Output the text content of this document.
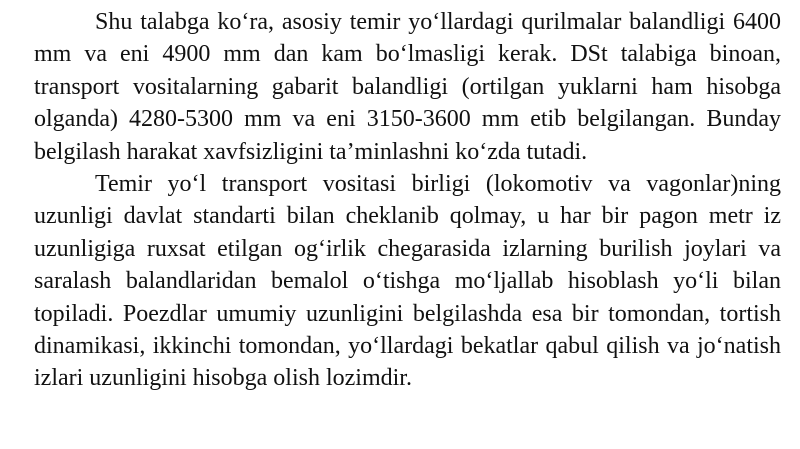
Shu talabga ko‘ra, asosiy temir yo‘llardagi qurilmalar balandligi 6400 mm va eni 4900 mm dan kam bo‘lmasligi kerak. DSt talabiga binoan, transport vositalarning gabarit balandligi (ortilgan yuklarni ham hisobga olganda) 4280-5300 mm va eni 3150-3600 mm etib belgilangan. Bunday belgilash harakat xavfsizligini ta’minlashni ko‘zda tutadi.

Temir yo‘l transport vositasi birligi (lokomotiv va vagonlar)ning uzunligi davlat standarti bilan cheklanib qolmay, u har bir pagon metr iz uzunligiga ruxsat etilgan og‘irlik chegarasida izlarning burilish joylari va saralash balandlaridan bemalol o‘tishga mo‘ljallab hisoblash yo‘li bilan topiladi. Poezdlar umumiy uzunligini belgilashda esa bir tomondan, tortish dinamikasi, ikkinchi tomondan, yo‘llardagi bekatlar qabul qilish va jo‘natish izlari uzunligini hisobga olish lozimdir.
